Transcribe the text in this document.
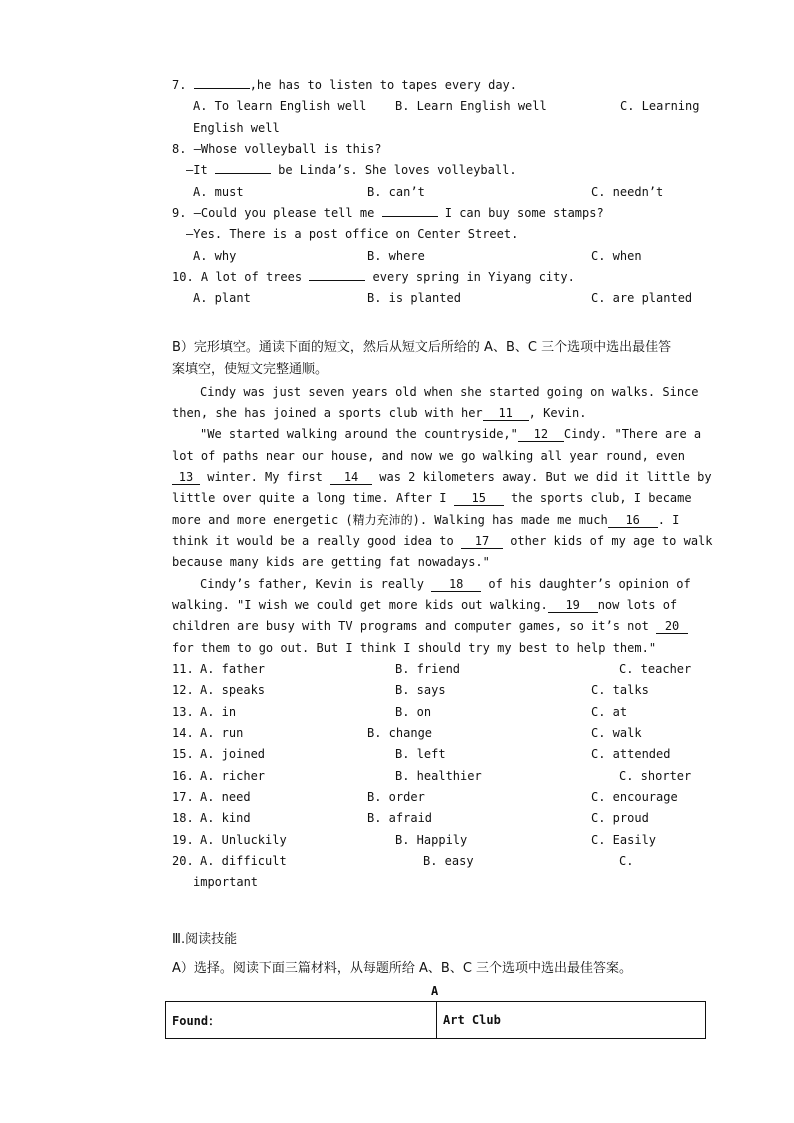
7.	,he has to listen to tapes every day.
A. To learn English well B. Learn English well	C. Learning
English well
8. —Whose volleyball is this?
—It	be Linda’s. She loves volleyball.
A. must	B. can’t	C. needn’t
9. —Could you please tell me	I can buy some stamps?
—Yes. There is a post office on Center Street.
A. why	B. where	C. when
10. A lot of trees	every spring in Yiyang city.
A. plant	B. is planted	C. are planted
B）完形填空。通读下面的短文，然后从短文后所给的 A、B、C 三个选项中选出最佳答
案填空，使短文完整通顺。
Cindy was just seven years old when she started going on walks. Since
then, she has joined a sports club with her 11 , Kevin.
"We started walking around the countryside," 12 Cindy. "There are a
lot of paths near our house, and now we go walking all year round, even
13 winter. My first 14 was 2 kilometers away. But we did it little by
little over quite a long time. After I 15 the sports club, I became
more and more energetic (精力充沛的). Walking has made me much 16 . I
think it would be a really good idea to 17 other kids of my age to walk
because many kids are getting fat nowadays."
Cindy’s father, Kevin is really 18 of his daughter’s opinion of
walking. "I wish we could get more kids out walking. 19 now lots of
children are busy with TV programs and computer games, so it’s not 20
for them to go out. But I think I should try my best to help them."
11. A. father	B. friend	C. teacher
12. A. speaks	B. says	C. talks
13. A. in	B. on	C. at
14. A. run	B. change	C. walk
15. A. joined	B. left	C. attended
16. A. richer	B. healthier	C. shorter
17. A. need	B. order	C. encourage
18. A. kind	B. afraid	C. proud
19. A. Unluckily	B. Happily	C. Easily
20. A. difficult	B. easy	C.
important
Ⅲ.阅读技能
A）选择。阅读下面三篇材料，从每题所给 A、B、C 三个选项中选出最佳答案。
A
Found：	Art Club
